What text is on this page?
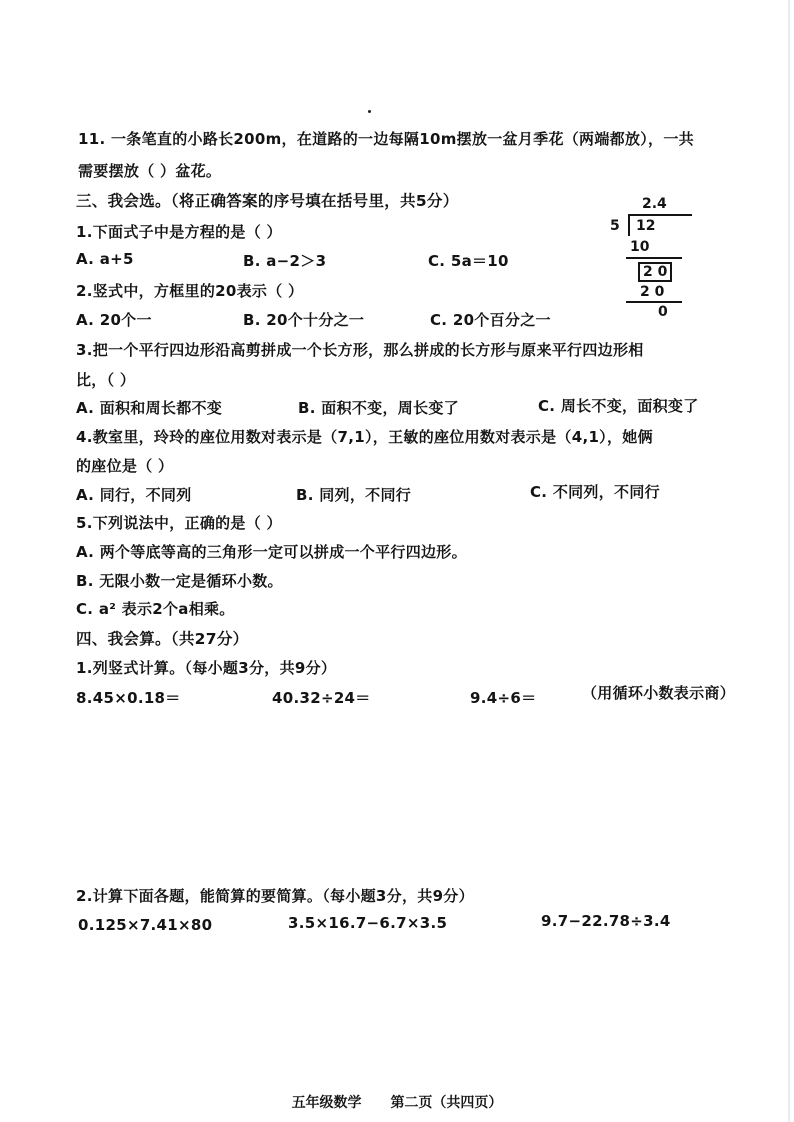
11. 一条笔直的小路长200m，在道路的一边每隔10m摆放一盆月季花（两端都放），一共
需要摆放（ ）盆花。
三、我会选。（将正确答案的序号填在括号里，共5分）
1.下面式子中是方程的是（ ）
A. a+5	B. a−2＞3	C. 5a＝10
2.竖式中，方框里的20表示（ ）
A. 20个一	B. 20个十分之一	C. 20个百分之一
3.把一个平行四边形沿高剪拼成一个长方形，那么拼成的长方形与原来平行四边形相
比，（ ）
A. 面积和周长都不变	B. 面积不变，周长变了	C. 周长不变，面积变了
4.教室里，玲玲的座位用数对表示是（7,1），王敏的座位用数对表示是（4,1），她俩
的座位是（ ）
A. 同行，不同列	B. 同列，不同行	C. 不同列，不同行
5.下列说法中，正确的是（ ）
A. 两个等底等高的三角形一定可以拼成一个平行四边形。
B. 无限小数一定是循环小数。
C. a² 表示2个a相乘。
2.4
5 12
10
2 0
2 0
0
四、我会算。（共27分）
1.列竖式计算。（每小题3分，共9分）
8.45×0.18＝	40.32÷24＝	9.4÷6＝	（用循环小数表示商）
2.计算下面各题，能简算的要简算。（每小题3分，共9分）
0.125×7.41×80	3.5×16.7−6.7×3.5	9.7−22.78÷3.4
五年级数学 第二页（共四页）
